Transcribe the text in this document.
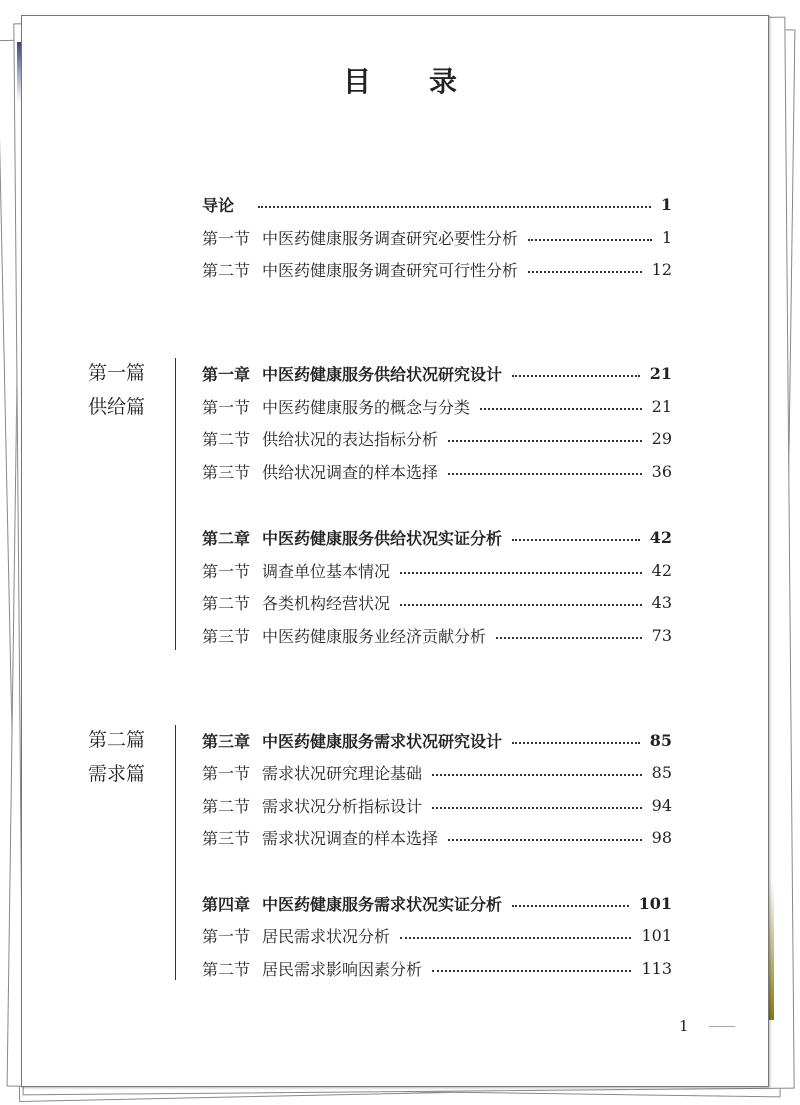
目录
导论	1
第一节 中医药健康服务调查研究必要性分析	1
第二节 中医药健康服务调查研究可行性分析	12
第一篇
供给篇
第一章 中医药健康服务供给状况研究设计	21
第一节 中医药健康服务的概念与分类	21
第二节 供给状况的表达指标分析	29
第三节 供给状况调查的样本选择	36
第二章 中医药健康服务供给状况实证分析	42
第一节 调查单位基本情况	42
第二节 各类机构经营状况	43
第三节 中医药健康服务业经济贡献分析	73
第二篇
需求篇
第三章 中医药健康服务需求状况研究设计	85
第一节 需求状况研究理论基础	85
第二节 需求状况分析指标设计	94
第三节 需求状况调查的样本选择	98
第四章 中医药健康服务需求状况实证分析	101
第一节 居民需求状况分析	101
第二节 居民需求影响因素分析	113
1
